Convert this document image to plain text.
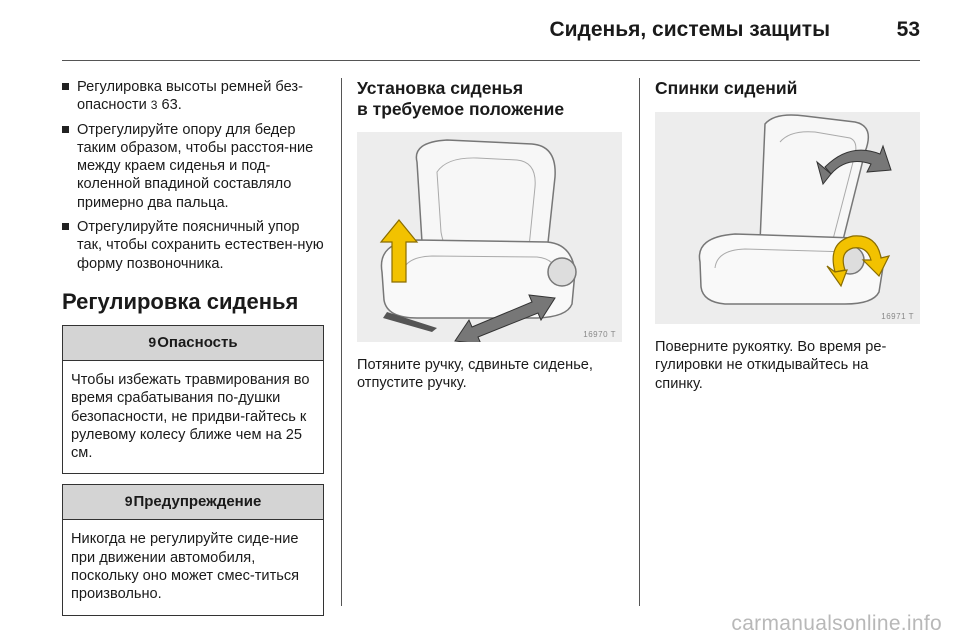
Сиденья, системы защиты	53
Регулировка высоты ремней без-
опасности 3 63.
Отрегулируйте опору для бедер таким образом, чтобы расстоя-ние между краем сиденья и под-коленной впадиной составляло примерно два пальца.
Отрегулируйте поясничный упор так, чтобы сохранить естествен-ную форму позвоночника.
Регулировка сиденья
9Опасность
Чтобы избежать травмирования во время срабатывания по-душки безопасности, не придви-гайтесь к рулевому колесу ближе чем на 25 см.
9Предупреждение
Никогда не регулируйте сиде-ние при движении автомобиля, поскольку оно может смес-титься произвольно.
Установка сиденья
в требуемое положение
16970 T
Потяните ручку, сдвиньте сиденье, отпустите ручку.
Спинки сидений
16971 T
Поверните рукоятку. Во время ре-гулировки не откидывайтесь на спинку.
carmanualsonline.info
